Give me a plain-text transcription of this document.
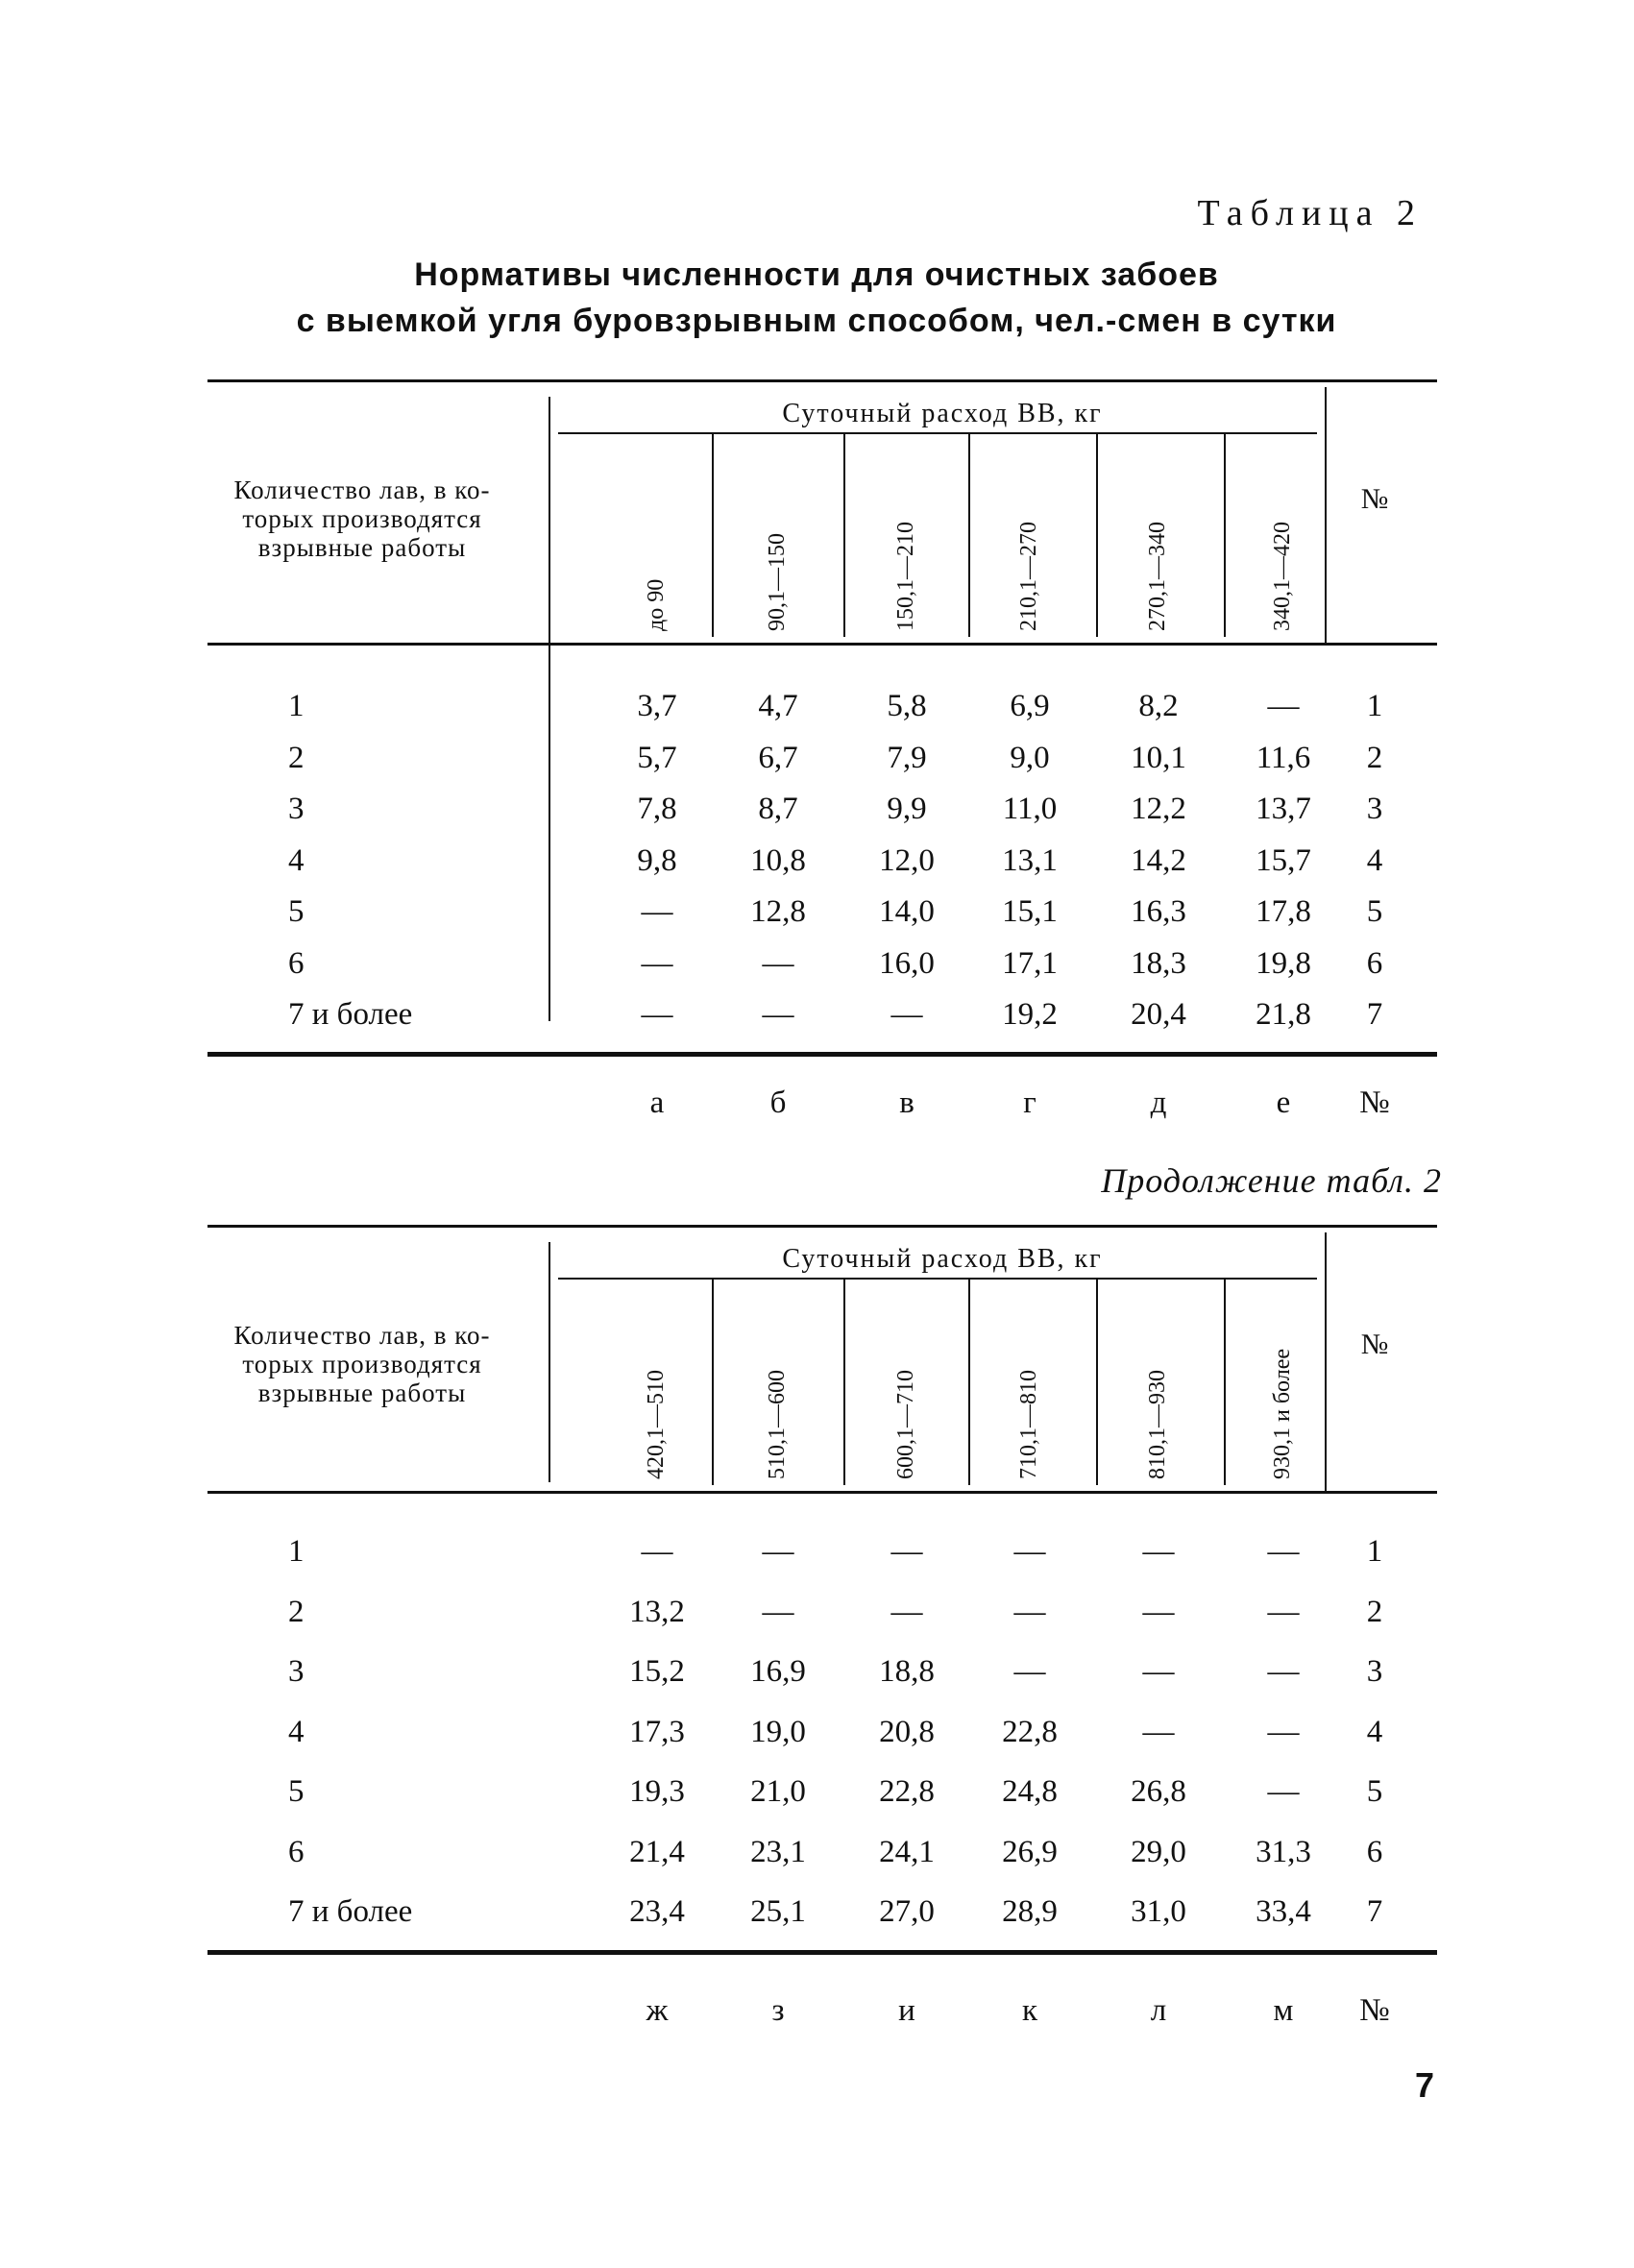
Таблица 2
Нормативы численности для очистных забоев
с выемкой угля буровзрывным способом, чел.-смен в сутки
Количество лав, в ко-
торых производятся
взрывные работы
Суточный расход ВВ, кг
№
до 90	90,1—150	150,1—210	210,1—270	270,1—340	340,1—420
1	3,7	4,7	5,8	6,9	8,2	—	1
2	5,7	6,7	7,9	9,0	10,1	11,6	2
3	7,8	8,7	9,9	11,0	12,2	13,7	3
4	9,8	10,8	12,0	13,1	14,2	15,7	4
5	—	12,8	14,0	15,1	16,3	17,8	5
6	—	—	16,0	17,1	18,3	19,8	6
7 и более	—	—	—	19,2	20,4	21,8	7
а	б	в	г	д	е	№
Продолжение табл. 2
Количество лав, в ко-
торых производятся
взрывные работы
Суточный расход ВВ, кг
№
420,1—510	510,1—600	600,1—710	710,1—810	810,1—930	930,1 и более
1	—	—	—	—	—	—	1
2	13,2	—	—	—	—	—	2
3	15,2	16,9	18,8	—	—	—	3
4	17,3	19,0	20,8	22,8	—	—	4
5	19,3	21,0	22,8	24,8	26,8	—	5
6	21,4	23,1	24,1	26,9	29,0	31,3	6
7 и более	23,4	25,1	27,0	28,9	31,0	33,4	7
ж	з	и	к	л	м	№
7
